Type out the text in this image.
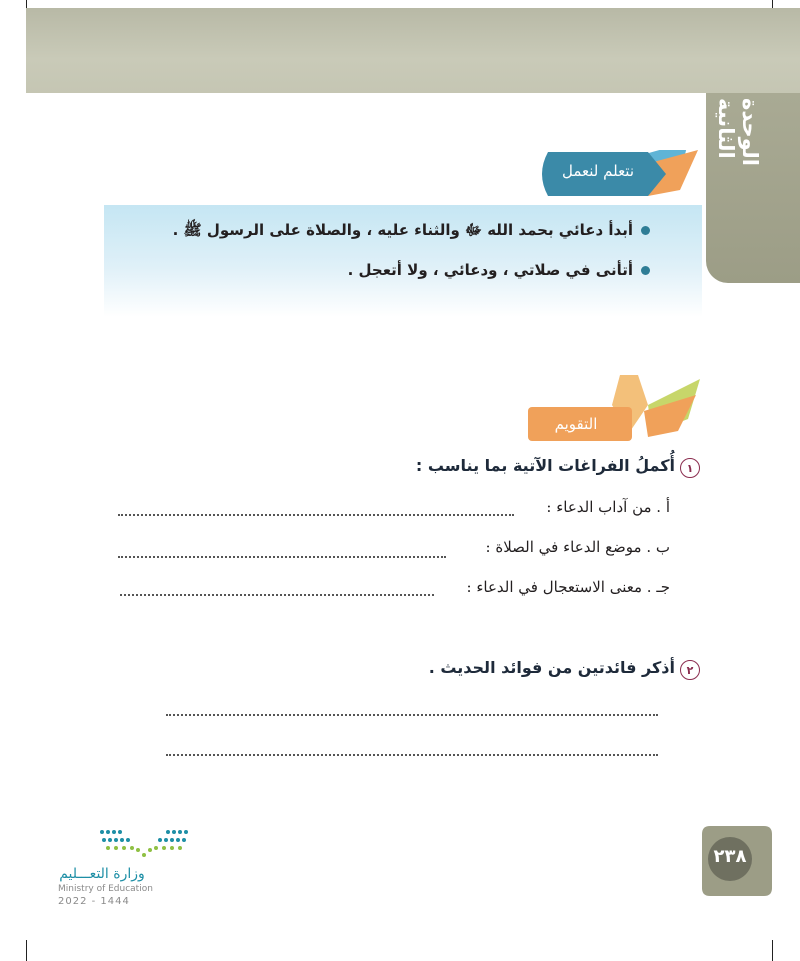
الوحدة الثانية
نتعلم لنعمل
أبدأ دعائي بحمد الله ﷻ والثناء عليه ، والصلاة على الرسول ﷺ .
أتأنى في صلاتي ، ودعائي ، ولا أتعجل .
التقويم
١
أُكملُ الفراغات الآتية بما يناسب :
أ . من آداب الدعاء :
ب . موضع الدعاء في الصلاة :
جـ . معنى الاستعجال في الدعاء :
٢
أذكر فائدتين من فوائد الحديث .
٢٣٨
وزارة التعـــليم
Ministry of Education
2022 - 1444
